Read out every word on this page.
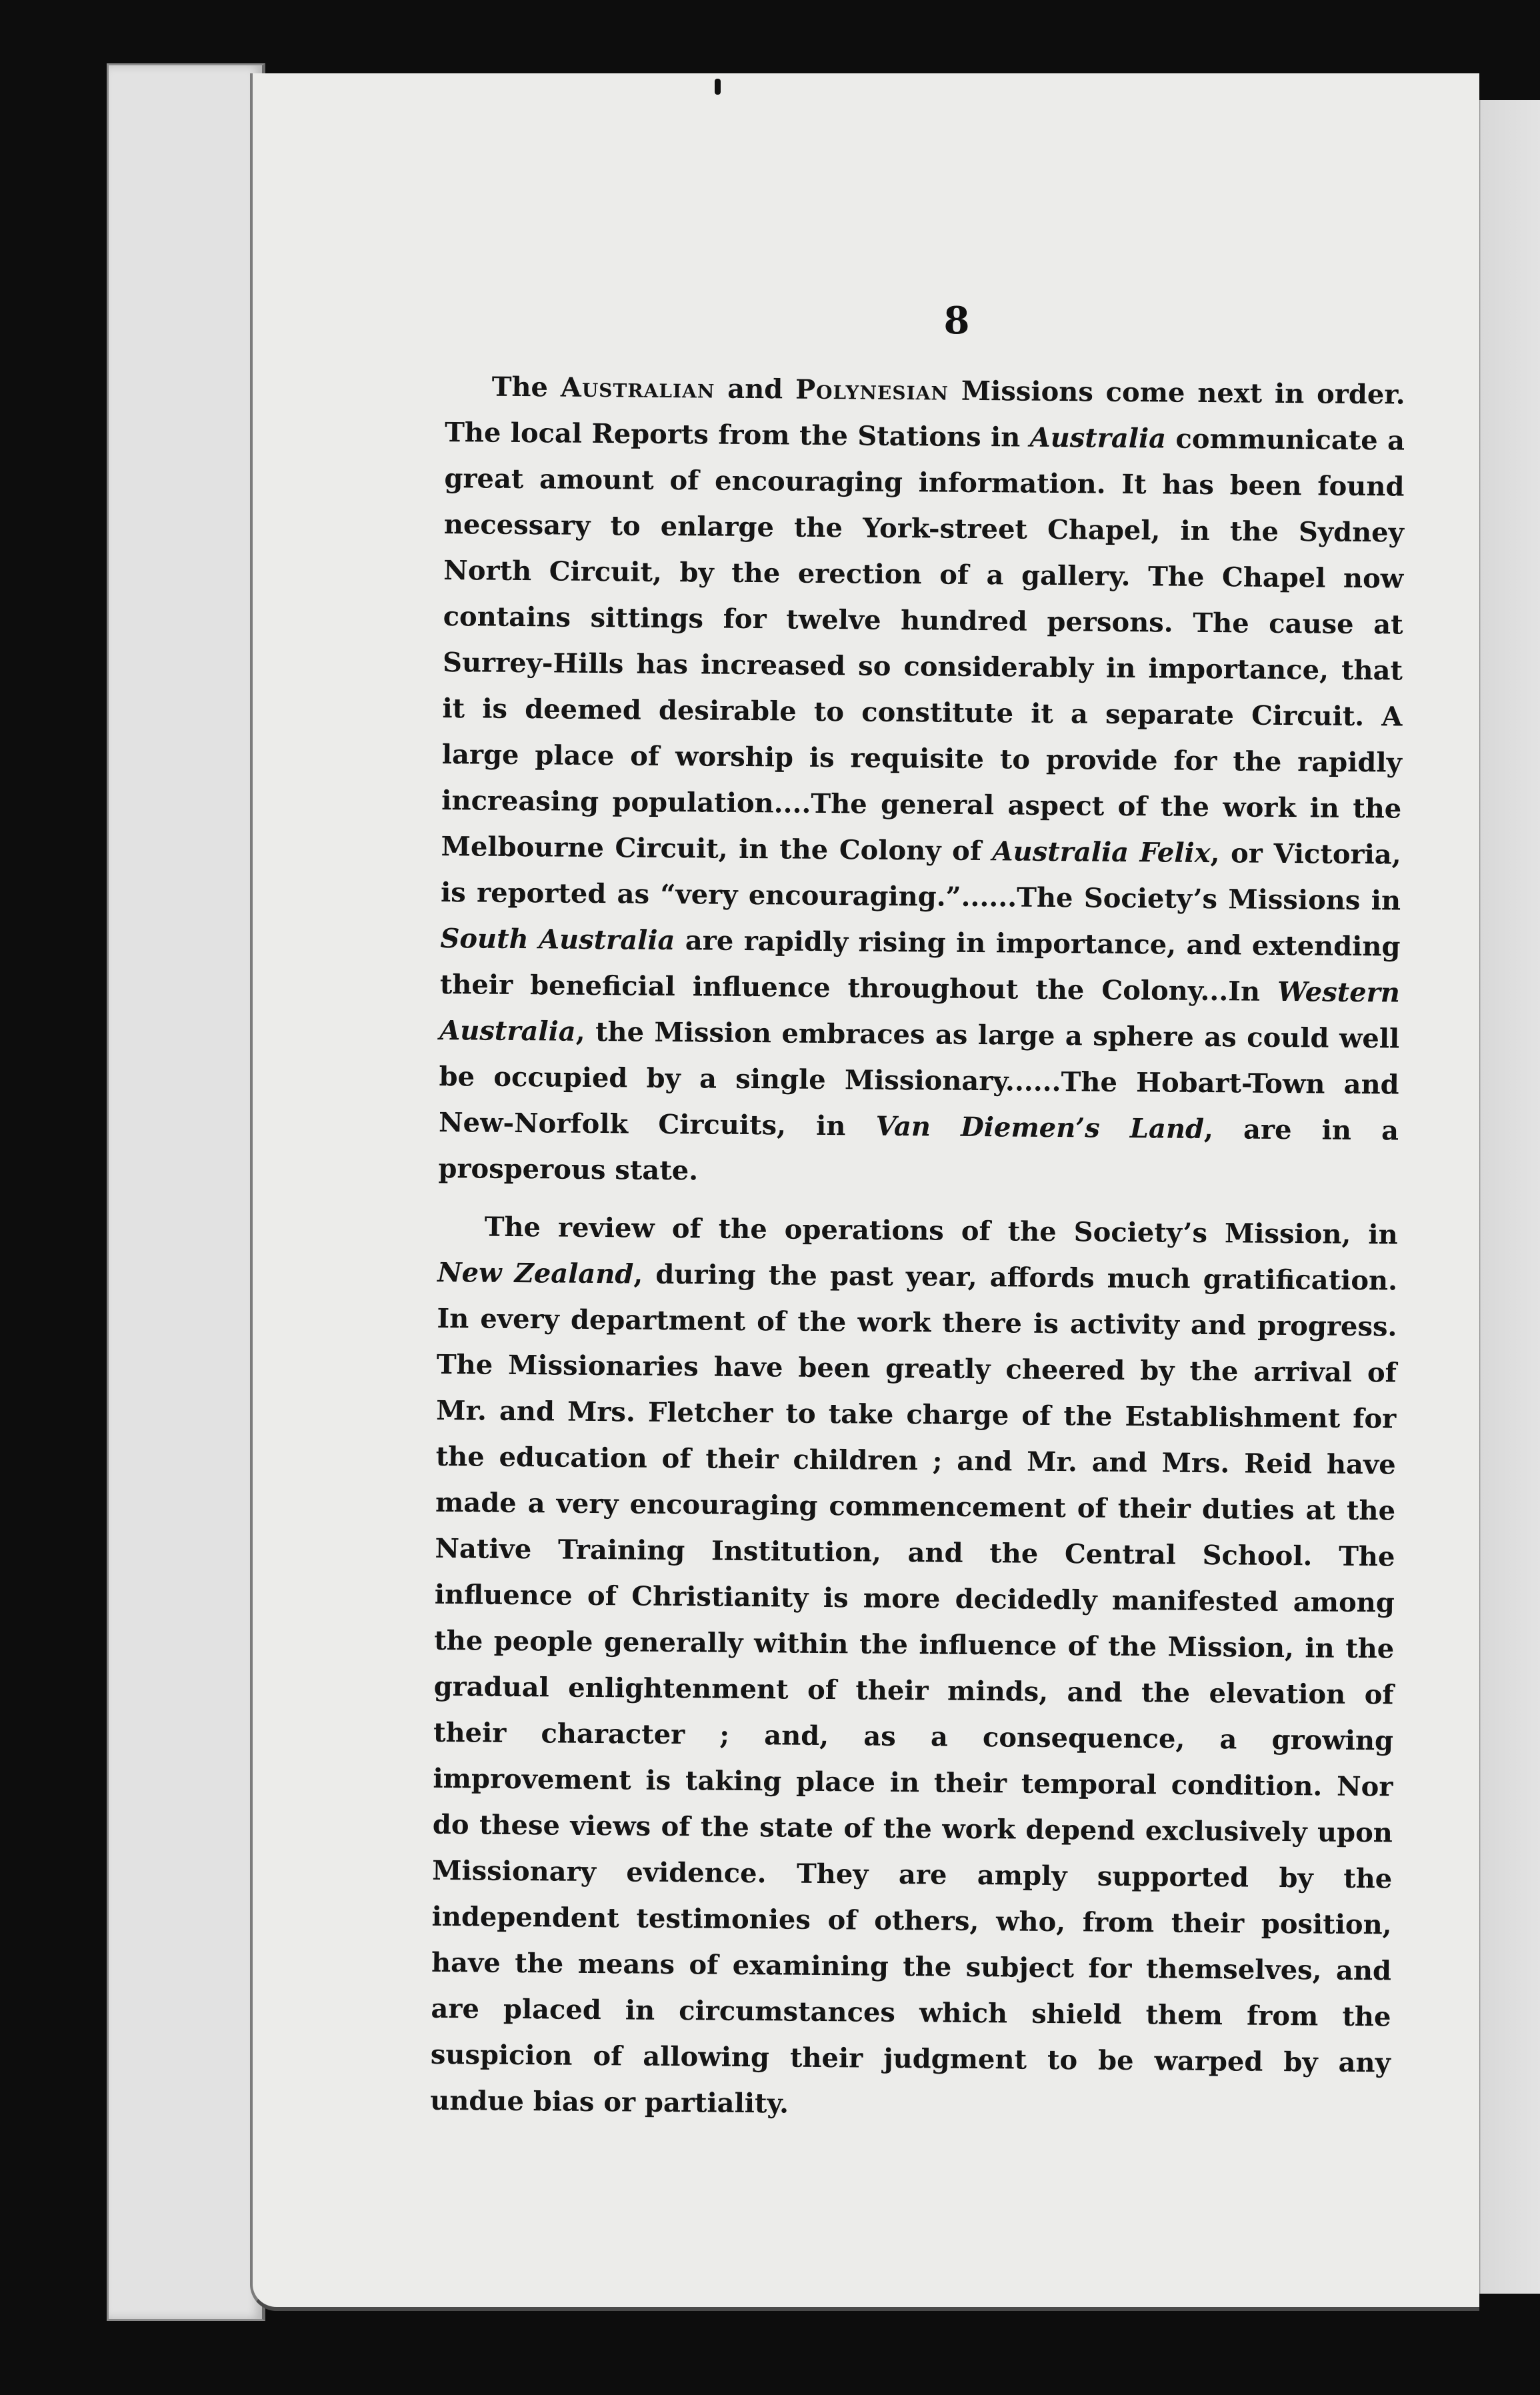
8

The Australian and Polynesian Missions come next in order. The local Reports from the Stations in Australia communicate a great amount of encouraging information. It has been found necessary to enlarge the York-street Chapel, in the Sydney North Circuit, by the erection of a gallery. The Chapel now contains sittings for twelve hundred persons. The cause at Surrey-Hills has increased so considerably in importance, that it is deemed desirable to constitute it a separate Circuit. A large place of worship is requisite to provide for the rapidly increasing population....The general aspect of the work in the Melbourne Circuit, in the Colony of Australia Felix, or Victoria, is reported as “very encouraging.”......The Society’s Missions in South Australia are rapidly rising in importance, and extending their beneficial influence throughout the Colony...In Western Australia, the Mission embraces as large a sphere as could well be occupied by a single Missionary......The Hobart-Town and New-Norfolk Circuits, in Van Diemen’s Land, are in a prosperous state.

The review of the operations of the Society’s Mission, in New Zealand, during the past year, affords much gratification. In every department of the work there is activity and progress. The Missionaries have been greatly cheered by the arrival of Mr. and Mrs. Fletcher to take charge of the Establishment for the education of their children ; and Mr. and Mrs. Reid have made a very encouraging commencement of their duties at the Native Training Institution, and the Central School. The influence of Christianity is more decidedly manifested among the people generally within the influence of the Mission, in the gradual enlightenment of their minds, and the elevation of their character ; and, as a consequence, a growing improvement is taking place in their temporal condition. Nor do these views of the state of the work depend exclusively upon Missionary evidence. They are amply supported by the independent testimonies of others, who, from their position, have the means of examining the subject for themselves, and are placed in circumstances which shield them from the suspicion of allowing their judgment to be warped by any undue bias or partiality.
